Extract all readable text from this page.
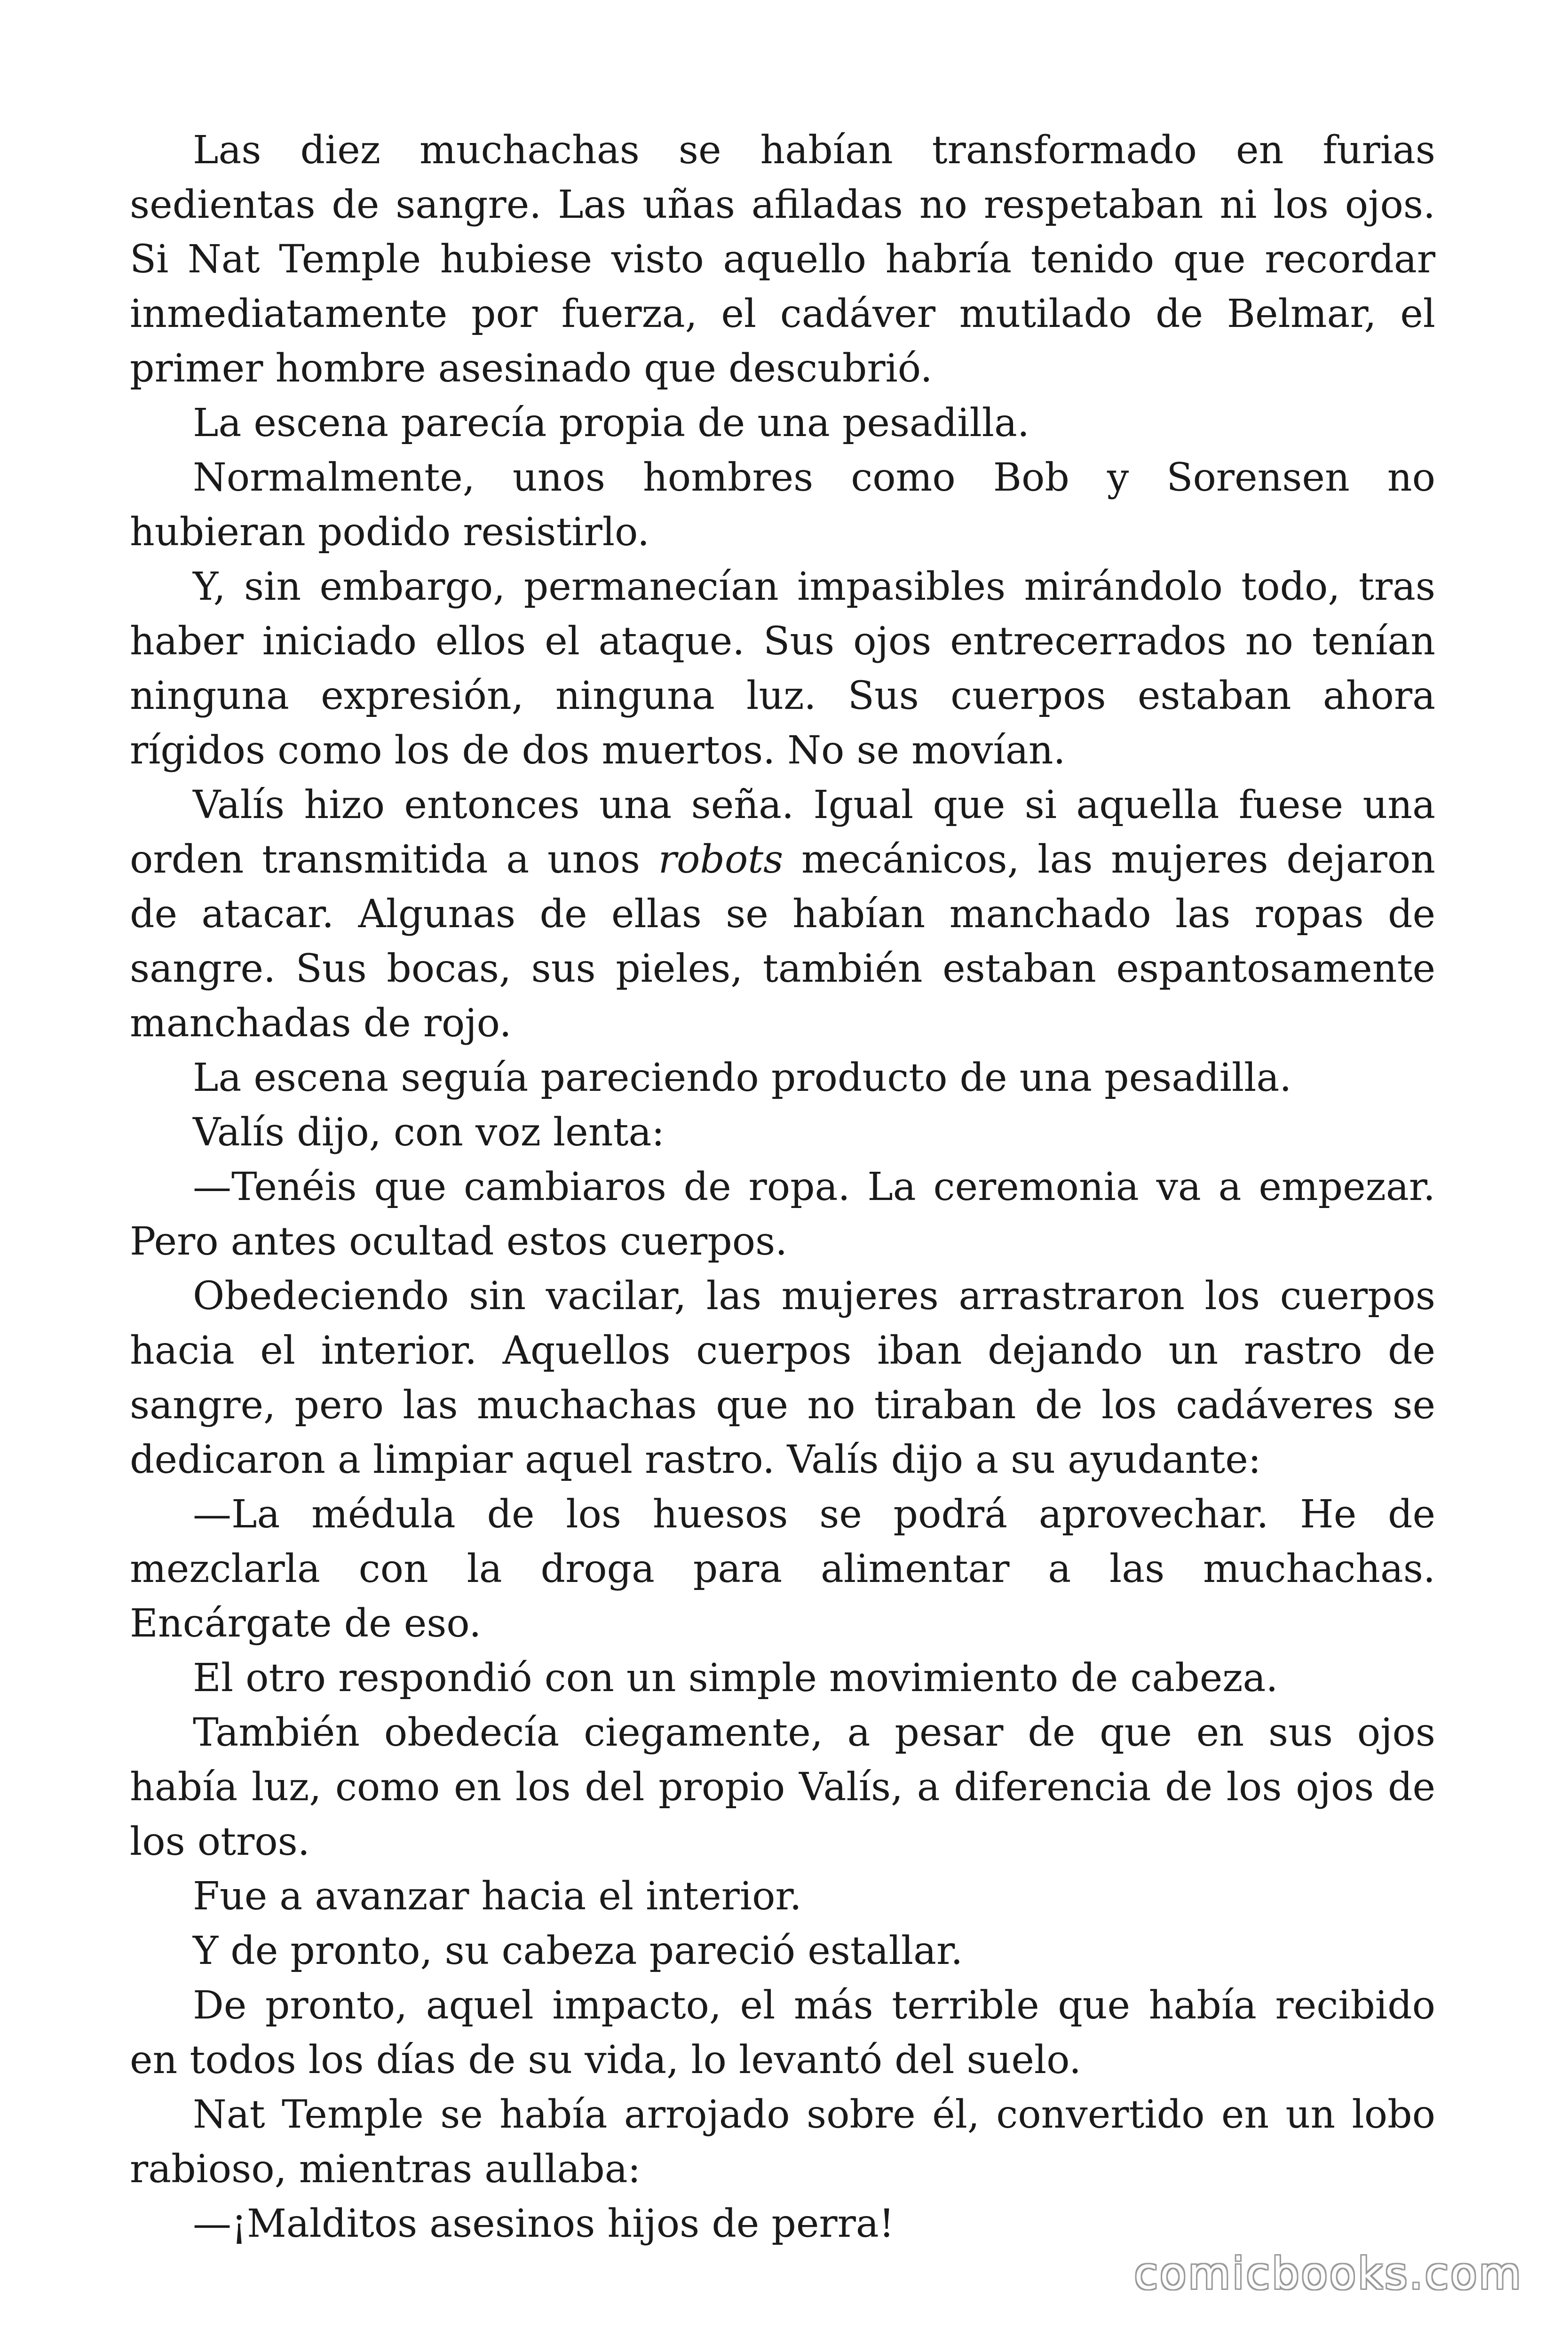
Las diez muchachas se habían transformado en furias sedientas de sangre. Las uñas afiladas no respetaban ni los ojos. Si Nat Temple hubiese visto aquello habría tenido que recordar inmediatamente por fuerza, el cadáver mutilado de Belmar, el primer hombre asesinado que descubrió.

La escena parecía propia de una pesadilla.

Normalmente, unos hombres como Bob y Sorensen no hubieran podido resistirlo.

Y, sin embargo, permanecían impasibles mirándolo todo, tras haber iniciado ellos el ataque. Sus ojos entrecerrados no tenían ninguna expresión, ninguna luz. Sus cuerpos estaban ahora rígidos como los de dos muertos. No se movían.

Valís hizo entonces una seña. Igual que si aquella fuese una orden transmitida a unos robots mecánicos, las mujeres dejaron de atacar. Algunas de ellas se habían manchado las ropas de sangre. Sus bocas, sus pieles, también estaban espantosamente manchadas de rojo.

La escena seguía pareciendo producto de una pesadilla.

Valís dijo, con voz lenta:

—Tenéis que cambiaros de ropa. La ceremonia va a empezar. Pero antes ocultad estos cuerpos.

Obedeciendo sin vacilar, las mujeres arrastraron los cuerpos hacia el interior. Aquellos cuerpos iban dejando un rastro de sangre, pero las muchachas que no tiraban de los cadáveres se dedicaron a limpiar aquel rastro. Valís dijo a su ayudante:

—La médula de los huesos se podrá aprovechar. He de mezclarla con la droga para alimentar a las muchachas. Encárgate de eso.

El otro respondió con un simple movimiento de cabeza.

También obedecía ciegamente, a pesar de que en sus ojos había luz, como en los del propio Valís, a diferencia de los ojos de los otros.

Fue a avanzar hacia el interior.

Y de pronto, su cabeza pareció estallar.

De pronto, aquel impacto, el más terrible que había recibido en todos los días de su vida, lo levantó del suelo.

Nat Temple se había arrojado sobre él, convertido en un lobo rabioso, mientras aullaba:

—¡Malditos asesinos hijos de perra!

comicbooks.com
